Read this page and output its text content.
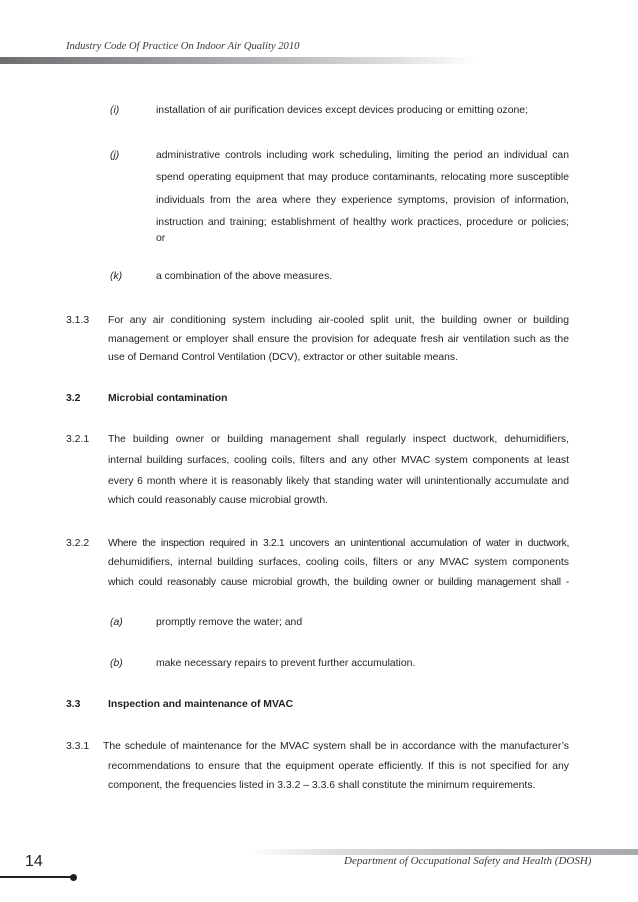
Industry Code Of Practice On Indoor Air Quality 2010
(i)	installation of air purification devices except devices producing or emitting ozone;
(j)	administrative controls including work scheduling, limiting the period an individual can
spend operating equipment that may produce contaminants, relocating more susceptible
individuals from the area where they experience symptoms, provision of information,
instruction and training; establishment of healthy work practices, procedure or policies;
or
(k)	a combination of the above measures.
3.1.3 For any air conditioning system including air-cooled split unit, the building owner or building
management or employer shall ensure the provision for adequate fresh air ventilation such as the
use of Demand Control Ventilation (DCV), extractor or other suitable means.
3.2	Microbial contamination
3.2.1 The building owner or building management shall regularly inspect ductwork, dehumidifiers,
internal building surfaces, cooling coils, filters and any other MVAC system components at least
every 6 month where it is reasonably likely that standing water will unintentionally accumulate and
which could reasonably cause microbial growth.
3.2.2 Where the inspection required in 3.2.1 uncovers an unintentional accumulation of water in ductwork,
dehumidifiers, internal building surfaces, cooling coils, filters or any MVAC system components
which could reasonably cause microbial growth, the building owner or building management shall -
(a)	promptly remove the water; and
(b)	make necessary repairs to prevent further accumulation.
3.3	Inspection and maintenance of MVAC
3.3.1 The schedule of maintenance for the MVAC system shall be in accordance with the manufacturer’s
recommendations to ensure that the equipment operate efficiently. If this is not specified for any
component, the frequencies listed in 3.3.2 – 3.3.6 shall constitute the minimum requirements.
14	Department of Occupational Safety and Health (DOSH)
